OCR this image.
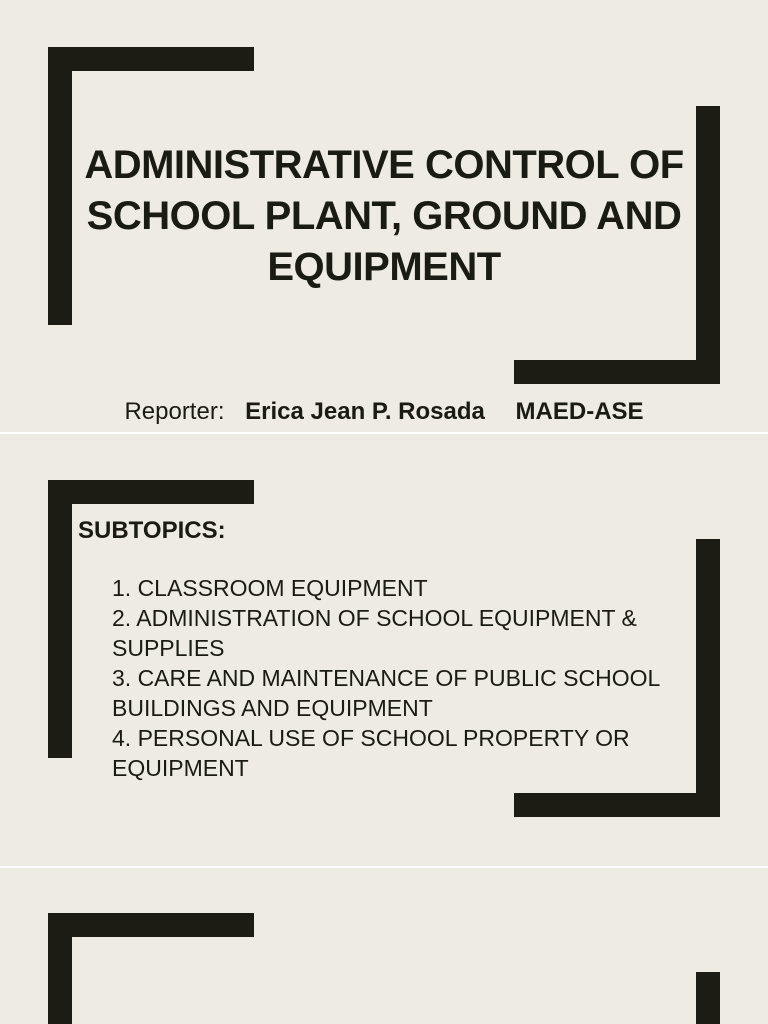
ADMINISTRATIVE CONTROL OF SCHOOL PLANT, GROUND AND EQUIPMENT
Reporter: Erica Jean P. Rosada MAED-ASE
SUBTOPICS:
1. CLASSROOM EQUIPMENT
2. ADMINISTRATION OF SCHOOL EQUIPMENT & SUPPLIES
3. CARE AND MAINTENANCE OF PUBLIC SCHOOL BUILDINGS AND EQUIPMENT
4. PERSONAL USE OF SCHOOL PROPERTY OR EQUIPMENT
